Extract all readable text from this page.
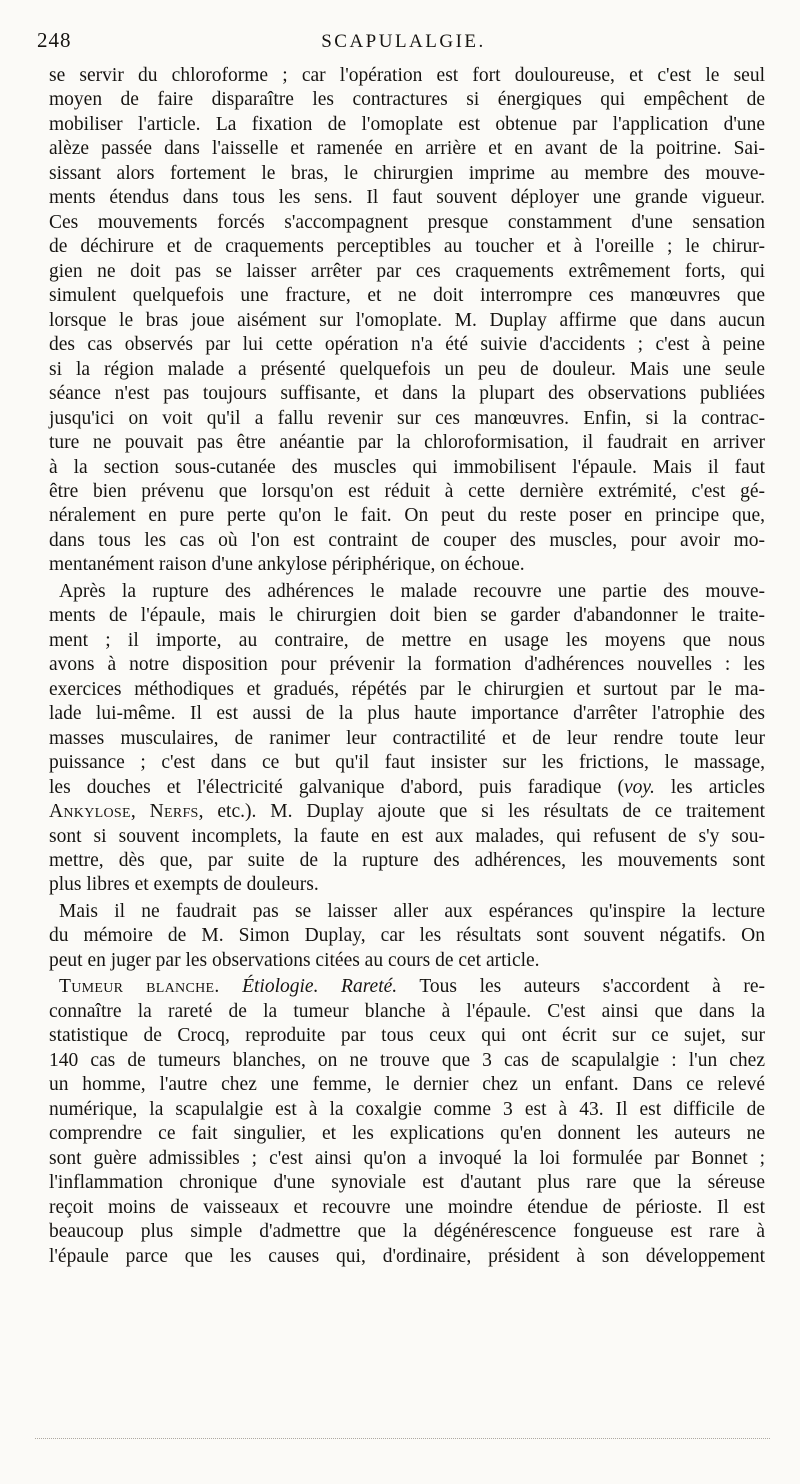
248	SCAPULALGIE.
se servir du chloroforme ; car l'opération est fort douloureuse, et c'est le seul
moyen de faire disparaître les contractures si énergiques qui empêchent de
mobiliser l'article. La fixation de l'omoplate est obtenue par l'application d'une
alèze passée dans l'aisselle et ramenée en arrière et en avant de la poitrine. Sai-
sissant alors fortement le bras, le chirurgien imprime au membre des mouve-
ments étendus dans tous les sens. Il faut souvent déployer une grande vigueur.
Ces mouvements forcés s'accompagnent presque constamment d'une sensation
de déchirure et de craquements perceptibles au toucher et à l'oreille ; le chirur-
gien ne doit pas se laisser arrêter par ces craquements extrêmement forts, qui
simulent quelquefois une fracture, et ne doit interrompre ces manœuvres que
lorsque le bras joue aisément sur l'omoplate. M. Duplay affirme que dans aucun
des cas observés par lui cette opération n'a été suivie d'accidents ; c'est à peine
si la région malade a présenté quelquefois un peu de douleur. Mais une seule
séance n'est pas toujours suffisante, et dans la plupart des observations publiées
jusqu'ici on voit qu'il a fallu revenir sur ces manœuvres. Enfin, si la contrac-
ture ne pouvait pas être anéantie par la chloroformisation, il faudrait en arriver
à la section sous-cutanée des muscles qui immobilisent l'épaule. Mais il faut
être bien prévenu que lorsqu'on est réduit à cette dernière extrémité, c'est gé-
néralement en pure perte qu'on le fait. On peut du reste poser en principe que,
dans tous les cas où l'on est contraint de couper des muscles, pour avoir mo-
mentanément raison d'une ankylose périphérique, on échoue.
Après la rupture des adhérences le malade recouvre une partie des mouve-
ments de l'épaule, mais le chirurgien doit bien se garder d'abandonner le traite-
ment ; il importe, au contraire, de mettre en usage les moyens que nous
avons à notre disposition pour prévenir la formation d'adhérences nouvelles : les
exercices méthodiques et gradués, répétés par le chirurgien et surtout par le ma-
lade lui-même. Il est aussi de la plus haute importance d'arrêter l'atrophie des
masses musculaires, de ranimer leur contractilité et de leur rendre toute leur
puissance ; c'est dans ce but qu'il faut insister sur les frictions, le massage,
les douches et l'électricité galvanique d'abord, puis faradique (voy. les articles
Ankylose, Nerfs, etc.). M. Duplay ajoute que si les résultats de ce traitement
sont si souvent incomplets, la faute en est aux malades, qui refusent de s'y sou-
mettre, dès que, par suite de la rupture des adhérences, les mouvements sont
plus libres et exempts de douleurs.
Mais il ne faudrait pas se laisser aller aux espérances qu'inspire la lecture
du mémoire de M. Simon Duplay, car les résultats sont souvent négatifs. On
peut en juger par les observations citées au cours de cet article.
Tumeur blanche. Étiologie. Rareté. Tous les auteurs s'accordent à re-
connaître la rareté de la tumeur blanche à l'épaule. C'est ainsi que dans la
statistique de Crocq, reproduite par tous ceux qui ont écrit sur ce sujet, sur
140 cas de tumeurs blanches, on ne trouve que 3 cas de scapulalgie : l'un chez
un homme, l'autre chez une femme, le dernier chez un enfant. Dans ce relevé
numérique, la scapulalgie est à la coxalgie comme 3 est à 43. Il est difficile de
comprendre ce fait singulier, et les explications qu'en donnent les auteurs ne
sont guère admissibles ; c'est ainsi qu'on a invoqué la loi formulée par Bonnet ;
l'inflammation chronique d'une synoviale est d'autant plus rare que la séreuse
reçoit moins de vaisseaux et recouvre une moindre étendue de périoste. Il est
beaucoup plus simple d'admettre que la dégénérescence fongueuse est rare à
l'épaule parce que les causes qui, d'ordinaire, président à son développement
